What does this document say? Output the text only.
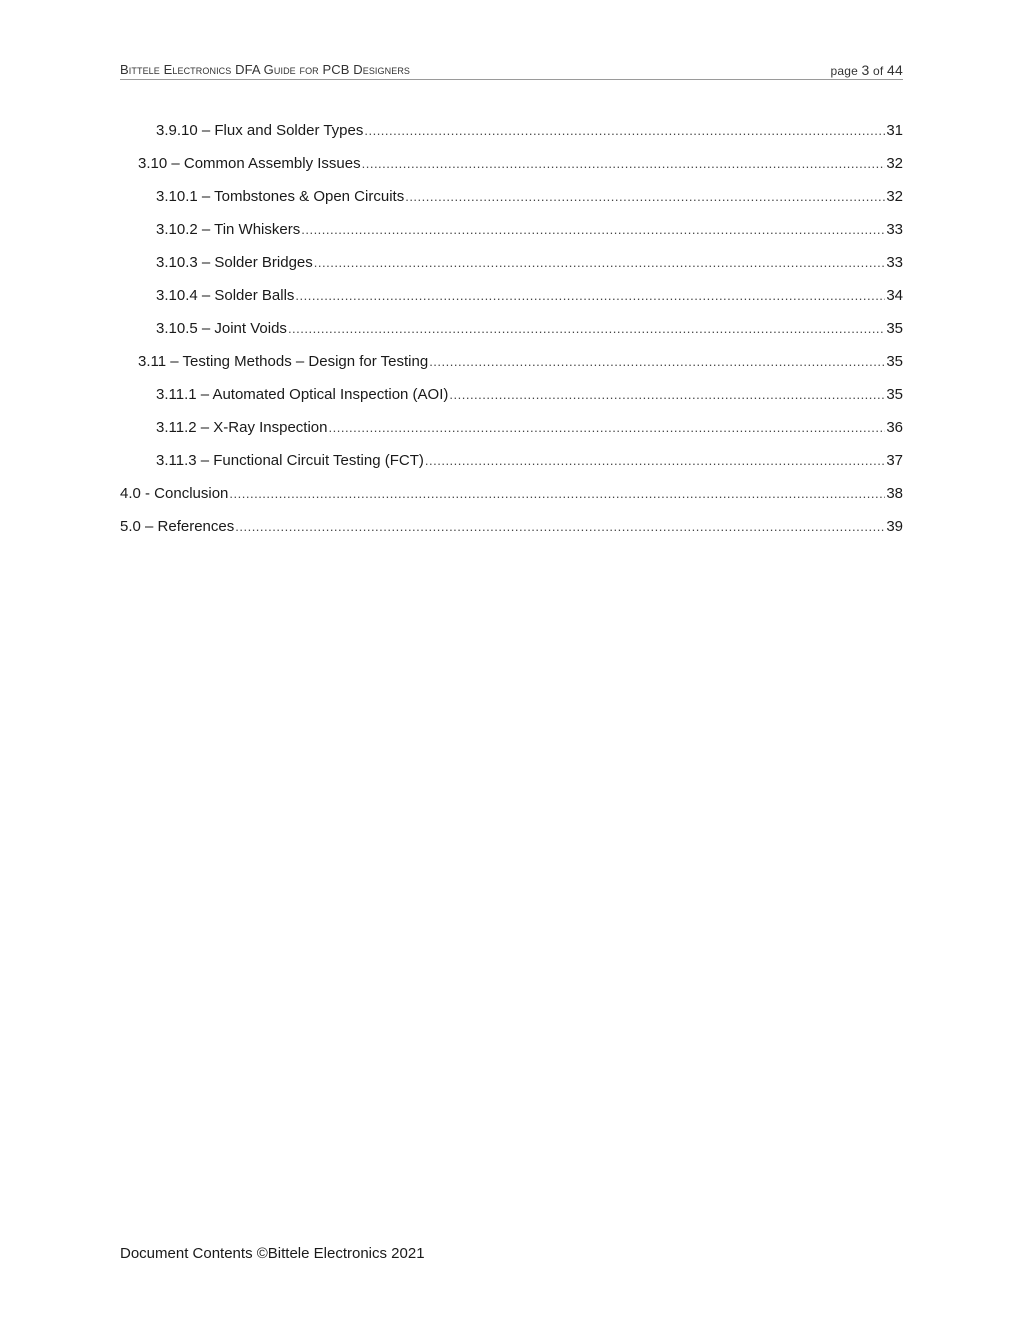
Bittele Electronics DFA Guide for PCB Designers	page 3 of 44
3.9.10 – Flux and Solder Types .....	31
3.10 – Common Assembly Issues .....	32
3.10.1 – Tombstones & Open Circuits .....	32
3.10.2 – Tin Whiskers .....	33
3.10.3 – Solder Bridges .....	33
3.10.4 – Solder Balls .....	34
3.10.5 – Joint Voids .....	35
3.11 – Testing Methods – Design for Testing .....	35
3.11.1 – Automated Optical Inspection (AOI) .....	35
3.11.2 – X-Ray Inspection .....	36
3.11.3 – Functional Circuit Testing (FCT) .....	37
4.0 - Conclusion .....	38
5.0 – References .....	39
Document Contents ©Bittele Electronics 2021
